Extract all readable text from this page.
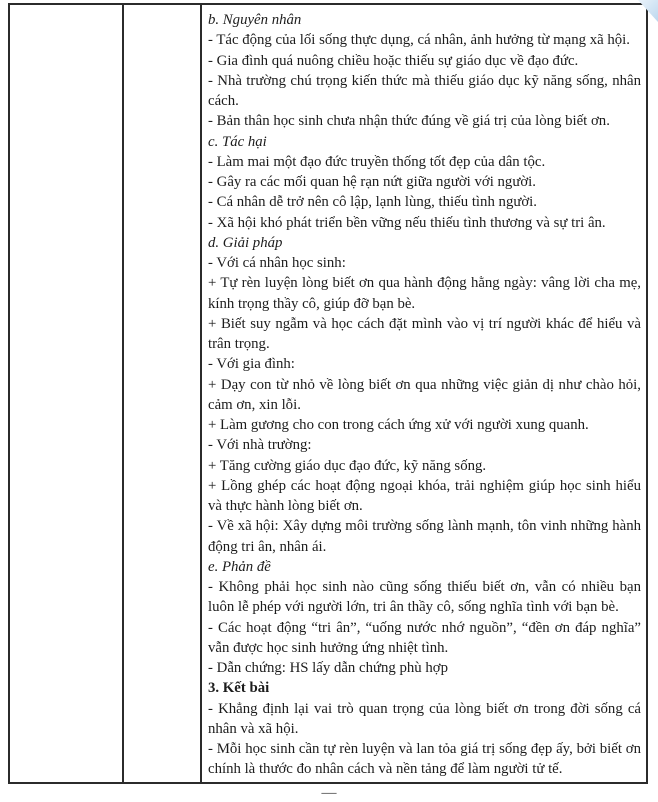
b. Nguyên nhân

- Tác động của lối sống thực dụng, cá nhân, ảnh hưởng từ mạng xã hội.

- Gia đình quá nuông chiều hoặc thiếu sự giáo dục về đạo đức.

- Nhà trường chú trọng kiến thức mà thiếu giáo dục kỹ năng sống, nhân cách.

- Bản thân học sinh chưa nhận thức đúng về giá trị của lòng biết ơn.

c. Tác hại

- Làm mai một đạo đức truyền thống tốt đẹp của dân tộc.

- Gây ra các mối quan hệ rạn nứt giữa người với người.

- Cá nhân dễ trở nên cô lập, lạnh lùng, thiếu tình người.

- Xã hội khó phát triển bền vững nếu thiếu tình thương và sự tri ân.

d. Giải pháp

- Với cá nhân học sinh:

+ Tự rèn luyện lòng biết ơn qua hành động hằng ngày: vâng lời cha mẹ, kính trọng thầy cô, giúp đỡ bạn bè.

+ Biết suy ngẫm và học cách đặt mình vào vị trí người khác để hiểu và trân trọng.

- Với gia đình:

+ Dạy con từ nhỏ về lòng biết ơn qua những việc giản dị như chào hỏi, cảm ơn, xin lỗi.

+ Làm gương cho con trong cách ứng xử với người xung quanh.

- Với nhà trường:

+ Tăng cường giáo dục đạo đức, kỹ năng sống.

+ Lồng ghép các hoạt động ngoại khóa, trải nghiệm giúp học sinh hiểu và thực hành lòng biết ơn.

- Về xã hội: Xây dựng môi trường sống lành mạnh, tôn vinh những hành động tri ân, nhân ái.

e. Phản đề

- Không phải học sinh nào cũng sống thiếu biết ơn, vẫn có nhiều bạn luôn lễ phép với người lớn, tri ân thầy cô, sống nghĩa tình với bạn bè.

- Các hoạt động “tri ân”, “uống nước nhớ nguồn”, “đền ơn đáp nghĩa” vẫn được học sinh hưởng ứng nhiệt tình.

- Dẫn chứng: HS lấy dẫn chứng phù hợp

3. Kết bài

- Khẳng định lại vai trò quan trọng của lòng biết ơn trong đời sống cá nhân và xã hội.

- Mỗi học sinh cần tự rèn luyện và lan tỏa giá trị sống đẹp ấy, bởi biết ơn chính là thước đo nhân cách và nền tảng để làm người tử tế.

—
